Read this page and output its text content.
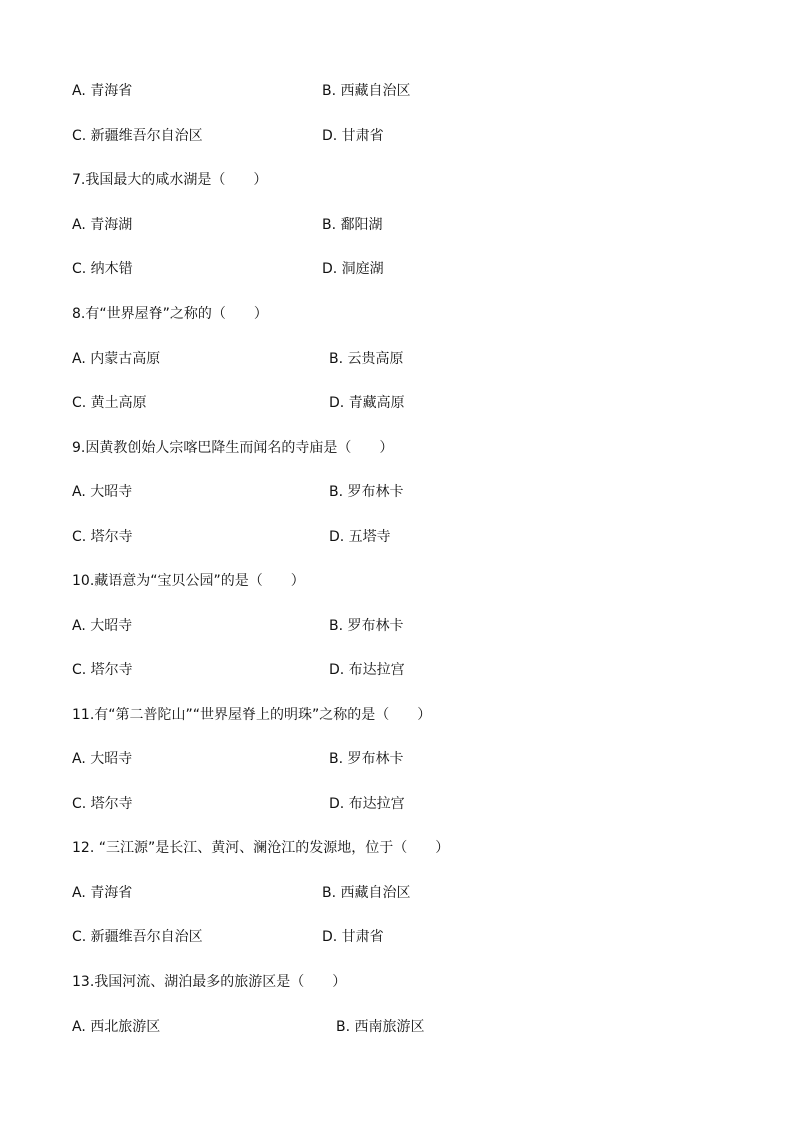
A. 青海省	B. 西藏自治区
C. 新疆维吾尔自治区	D. 甘肃省
7.我国最大的咸水湖是（　　）
A. 青海湖	B. 鄱阳湖
C. 纳木错	D. 洞庭湖
8.有“世界屋脊”之称的（　　）
A. 内蒙古高原	B. 云贵高原
C. 黄土高原	D. 青藏高原
9.因黄教创始人宗喀巴降生而闻名的寺庙是（　　）
A. 大昭寺	B. 罗布林卡
C. 塔尔寺	D. 五塔寺
10.藏语意为“宝贝公园”的是（　　）
A. 大昭寺	B. 罗布林卡
C. 塔尔寺	D. 布达拉宫
11.有“第二普陀山”“世界屋脊上的明珠”之称的是（　　）
A. 大昭寺	B. 罗布林卡
C. 塔尔寺	D. 布达拉宫
12. “三江源”是长江、黄河、澜沧江的发源地，位于（　　）
A. 青海省	B. 西藏自治区
C. 新疆维吾尔自治区	D. 甘肃省
13.我国河流、湖泊最多的旅游区是（　　）
A. 西北旅游区	B. 西南旅游区
